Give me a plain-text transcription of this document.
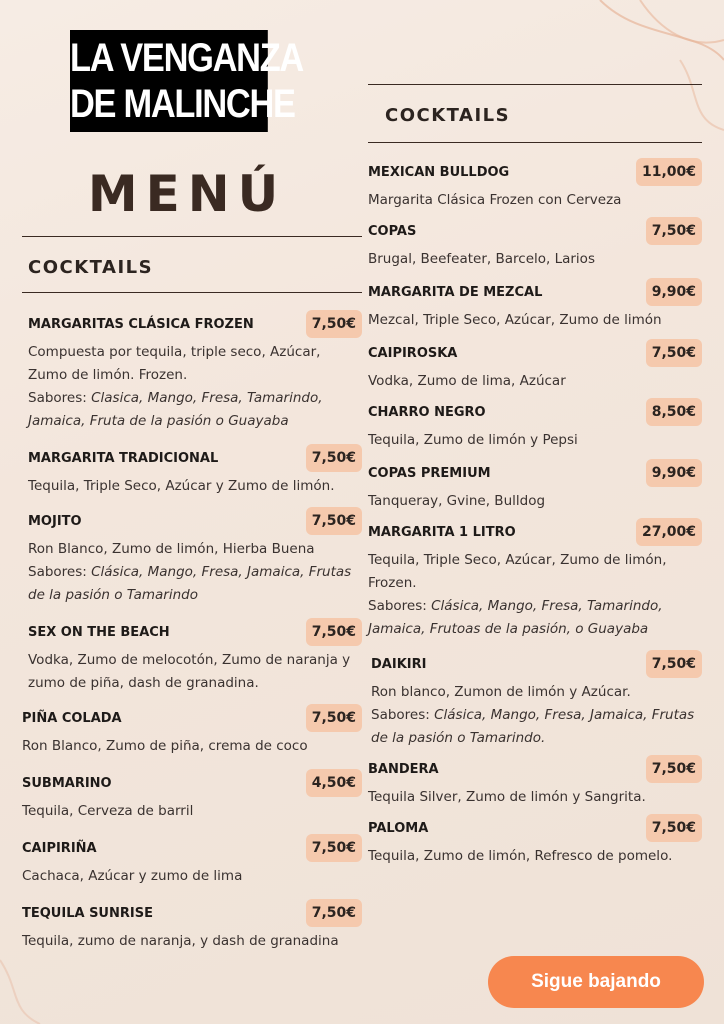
LA VENGANZA
DE MALINCHE
MENÚ
COCKTAILS
MARGARITAS CLÁSICA FROZEN	7,50€
Compuesta por tequila, triple seco, Azúcar, Zumo de limón. Frozen.
Sabores: Clasica, Mango, Fresa, Tamarindo, Jamaica, Fruta de la pasión o Guayaba
MARGARITA TRADICIONAL	7,50€
Tequila, Triple Seco, Azúcar y Zumo de limón.
MOJITO	7,50€
Ron Blanco, Zumo de limón, Hierba Buena
Sabores: Clásica, Mango, Fresa, Jamaica, Frutas de la pasión o Tamarindo
SEX ON THE BEACH	7,50€
Vodka, Zumo de melocotón, Zumo de naranja y zumo de piña, dash de granadina.
PIÑA COLADA	7,50€
Ron Blanco, Zumo de piña, crema de coco
SUBMARINO	4,50€
Tequila, Cerveza de barril
CAIPIRIÑA	7,50€
Cachaca, Azúcar y zumo de lima
TEQUILA SUNRISE	7,50€
Tequila, zumo de naranja, y dash de granadina
COCKTAILS
MEXICAN BULLDOG	11,00€
Margarita Clásica Frozen con Cerveza
COPAS	7,50€
Brugal, Beefeater, Barcelo, Larios
MARGARITA DE MEZCAL	9,90€
Mezcal, Triple Seco, Azúcar, Zumo de limón
CAIPIROSKA	7,50€
Vodka, Zumo de lima, Azúcar
CHARRO NEGRO	8,50€
Tequila, Zumo de limón y Pepsi
COPAS PREMIUM	9,90€
Tanqueray, Gvine, Bulldog
MARGARITA 1 LITRO	27,00€
Tequila, Triple Seco, Azúcar, Zumo de limón, Frozen.
Sabores: Clásica, Mango, Fresa, Tamarindo, Jamaica, Frutoas de la pasión, o Guayaba
DAIKIRI	7,50€
Ron blanco, Zumon de limón y Azúcar.
Sabores: Clásica, Mango, Fresa, Jamaica, Frutas de la pasión o Tamarindo.
BANDERA	7,50€
Tequila Silver, Zumo de limón y Sangrita.
PALOMA	7,50€
Tequila, Zumo de limón, Refresco de pomelo.
Sigue bajando
